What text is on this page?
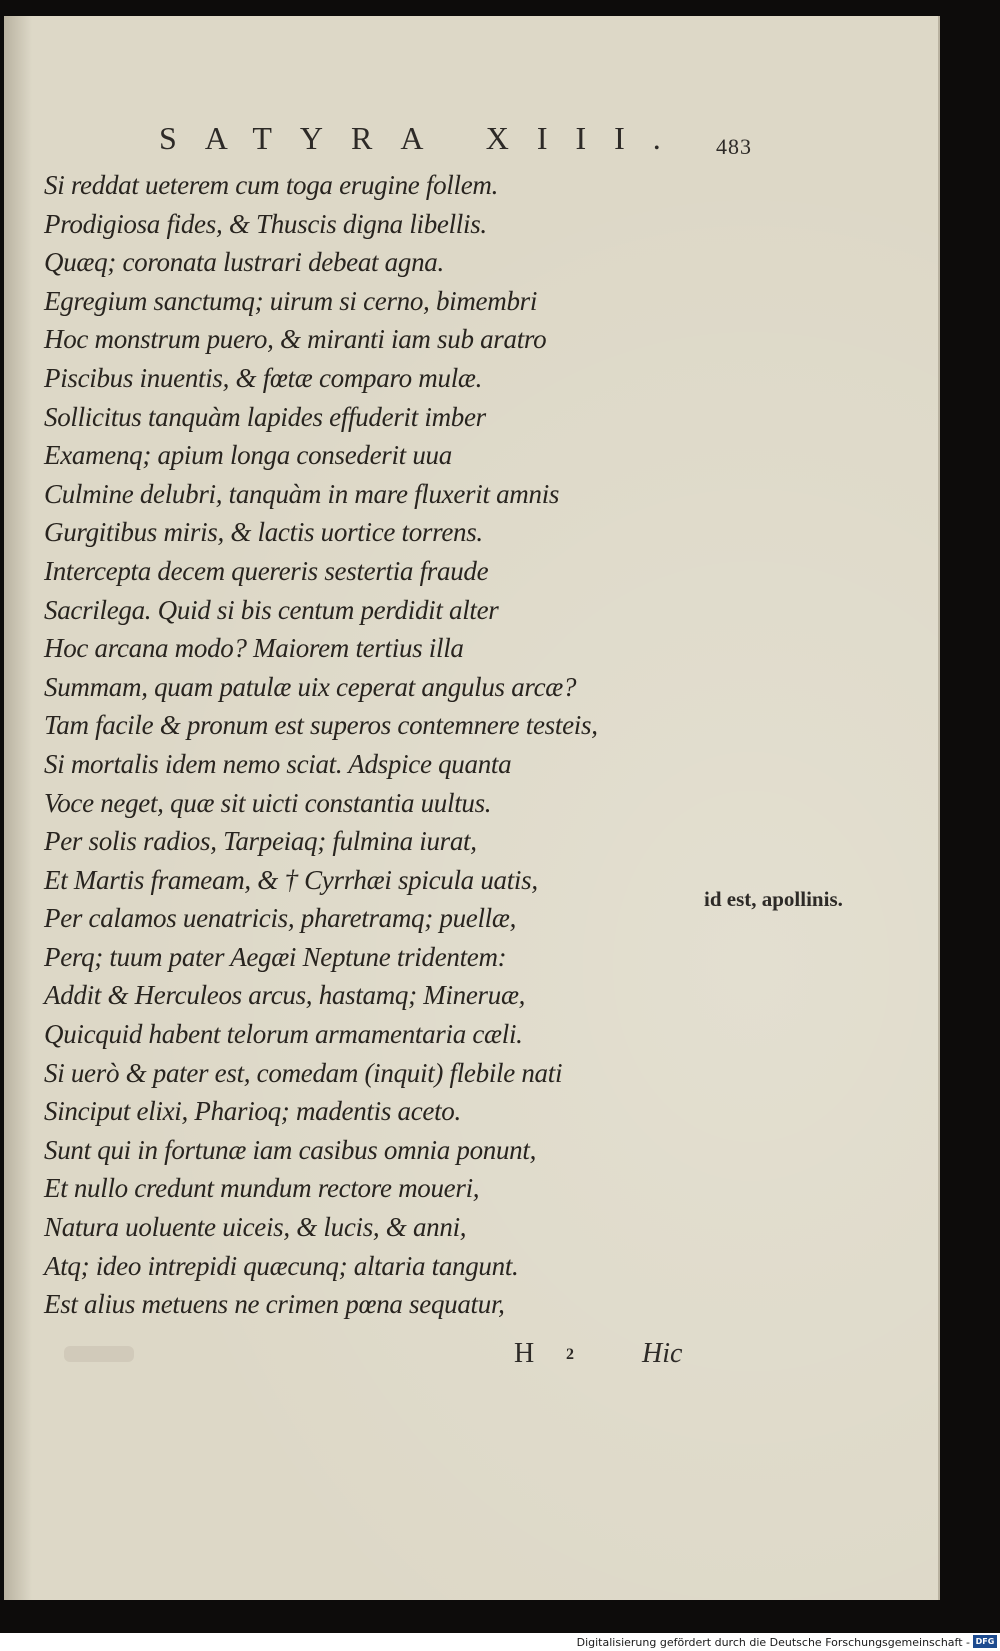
SATYRA XIII. 483
Si reddat ueterem cum toga erugine follem.
Prodigiosa fides, & Thuscis digna libellis.
Quæq; coronata lustrari debeat agna.
Egregium sanctumq; uirum si cerno, bimembri
Hoc monstrum puero, & miranti iam sub aratro
Piscibus inuentis, & fœtæ comparo mulæ.
Sollicitus tanquàm lapides effuderit imber
Examenq; apium longa consederit uua
Culmine delubri, tanquàm in mare fluxerit amnis
Gurgitibus miris, & lactis uortice torrens.
Intercepta decem quereris sestertia fraude
Sacrilega. Quid si bis centum perdidit alter
Hoc arcana modo? Maiorem tertius illa
Summam, quam patulæ uix ceperat angulus arcæ?
Tam facile & pronum est superos contemnere testeis,
Si mortalis idem nemo sciat. Adspice quanta
Voce neget, quæ sit uicti constantia uultus.
Per solis radios, Tarpeiaq; fulmina iurat,
Et Martis frameam, & † Cyrrhæi spicula uatis,
Per calamos uenatricis, pharetramq; puellæ,
Perq; tuum pater Aegæi Neptune tridentem:
Addit & Herculeos arcus, hastamq; Mineruæ,
Quicquid habent telorum armamentaria cæli.
Si uerò & pater est, comedam (inquit) flebile nati
Sinciput elixi, Pharioq; madentis aceto.
Sunt qui in fortunæ iam casibus omnia ponunt,
Et nullo credunt mundum rectore moueri,
Natura uoluente uiceis, & lucis, & anni,
Atq; ideo intrepidi quæcunq; altaria tangunt.
Est alius metuens ne crimen pœna sequatur,
id est, apollinis.
H 2 Hic
Digitalisierung gefördert durch die Deutsche Forschungsgemeinschaft - DFG
